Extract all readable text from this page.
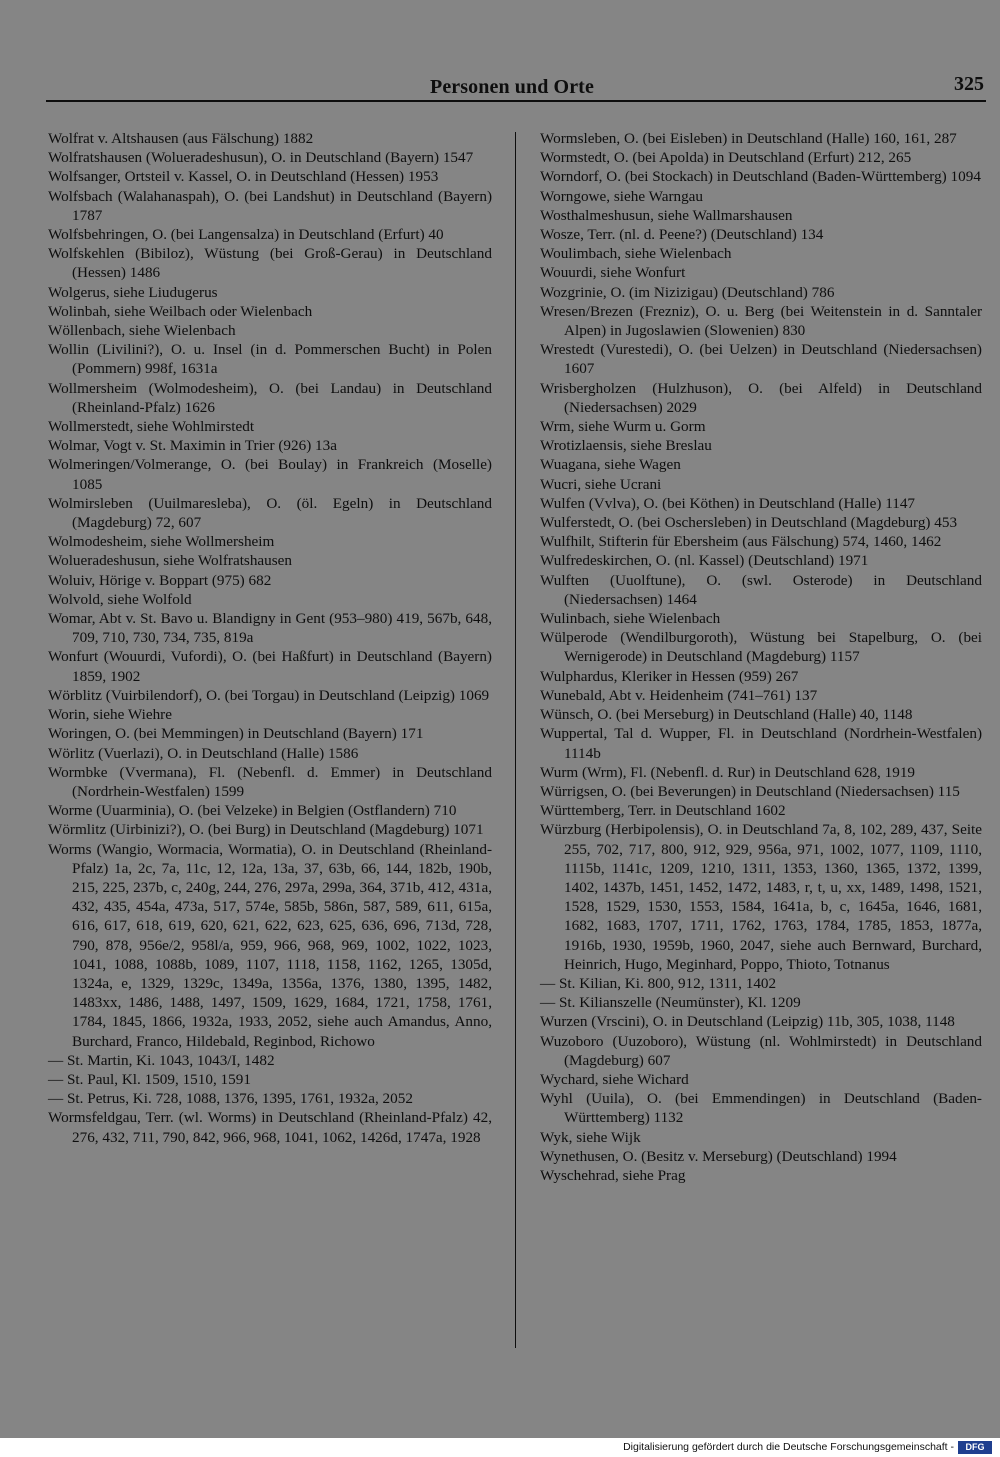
Personen und Orte	325

Wolfrat v. Altshausen (aus Fälschung) 1882

Wolfratshausen (Wolueradeshusun), O. in Deutschland (Bayern) 1547

Wolfsanger, Ortsteil v. Kassel, O. in Deutschland (Hessen) 1953

Wolfsbach (Walahanaspah), O. (bei Landshut) in Deutschland (Bayern) 1787

Wolfsbehringen, O. (bei Langensalza) in Deutschland (Erfurt) 40

Wolfskehlen (Bibiloz), Wüstung (bei Groß-Gerau) in Deutschland (Hessen) 1486

Wolgerus, siehe Liudugerus

Wolinbah, siehe Weilbach oder Wielenbach

Wöllenbach, siehe Wielenbach

Wollin (Livilini?), O. u. Insel (in d. Pommerschen Bucht) in Polen (Pommern) 998f, 1631a

Wollmersheim (Wolmodesheim), O. (bei Landau) in Deutschland (Rheinland-Pfalz) 1626

Wollmerstedt, siehe Wohlmirstedt

Wolmar, Vogt v. St. Maximin in Trier (926) 13a

Wolmeringen/Volmerange, O. (bei Boulay) in Frankreich (Moselle) 1085

Wolmirsleben (Uuilmaresleba), O. (öl. Egeln) in Deutschland (Magdeburg) 72, 607

Wolmodesheim, siehe Wollmersheim

Wolueradeshusun, siehe Wolfratshausen

Woluiv, Hörige v. Boppart (975) 682

Wolvold, siehe Wolfold

Womar, Abt v. St. Bavo u. Blandigny in Gent (953–980) 419, 567b, 648, 709, 710, 730, 734, 735, 819a

Wonfurt (Wouurdi, Vufordi), O. (bei Haßfurt) in Deutschland (Bayern) 1859, 1902

Wörblitz (Vuirbilendorf), O. (bei Torgau) in Deutschland (Leipzig) 1069

Worin, siehe Wiehre

Woringen, O. (bei Memmingen) in Deutschland (Bayern) 171

Wörlitz (Vuerlazi), O. in Deutschland (Halle) 1586

Wormbke (Vvermana), Fl. (Nebenfl. d. Emmer) in Deutschland (Nordrhein-Westfalen) 1599

Worme (Uuarminia), O. (bei Velzeke) in Belgien (Ostflandern) 710

Wörmlitz (Uirbinizi?), O. (bei Burg) in Deutschland (Magdeburg) 1071

Worms (Wangio, Wormacia, Wormatia), O. in Deutschland (Rheinland-Pfalz) 1a, 2c, 7a, 11c, 12, 12a, 13a, 37, 63b, 66, 144, 182b, 190b, 215, 225, 237b, c, 240g, 244, 276, 297a, 299a, 364, 371b, 412, 431a, 432, 435, 454a, 473a, 517, 574e, 585b, 586n, 587, 589, 611, 615a, 616, 617, 618, 619, 620, 621, 622, 623, 625, 636, 696, 713d, 728, 790, 878, 956e/2, 958l/a, 959, 966, 968, 969, 1002, 1022, 1023, 1041, 1088, 1088b, 1089, 1107, 1118, 1158, 1162, 1265, 1305d, 1324a, e, 1329, 1329c, 1349a, 1356a, 1376, 1380, 1395, 1482, 1483xx, 1486, 1488, 1497, 1509, 1629, 1684, 1721, 1758, 1761, 1784, 1845, 1866, 1932a, 1933, 2052, siehe auch Amandus, Anno, Burchard, Franco, Hildebald, Reginbod, Richowo

— St. Martin, Ki. 1043, 1043/I, 1482

— St. Paul, Kl. 1509, 1510, 1591

— St. Petrus, Ki. 728, 1088, 1376, 1395, 1761, 1932a, 2052

Wormsfeldgau, Terr. (wl. Worms) in Deutschland (Rheinland-Pfalz) 42, 276, 432, 711, 790, 842, 966, 968, 1041, 1062, 1426d, 1747a, 1928

Wormsleben, O. (bei Eisleben) in Deutschland (Halle) 160, 161, 287

Wormstedt, O. (bei Apolda) in Deutschland (Erfurt) 212, 265

Worndorf, O. (bei Stockach) in Deutschland (Baden-Württemberg) 1094

Worngowe, siehe Warngau

Wosthalmeshusun, siehe Wallmarshausen

Wosze, Terr. (nl. d. Peene?) (Deutschland) 134

Woulimbach, siehe Wielenbach

Wouurdi, siehe Wonfurt

Wozgrinie, O. (im Nizizigau) (Deutschland) 786

Wresen/Brezen (Frezniz), O. u. Berg (bei Weitenstein in d. Sanntaler Alpen) in Jugoslawien (Slowenien) 830

Wrestedt (Vurestedi), O. (bei Uelzen) in Deutschland (Niedersachsen) 1607

Wrisbergholzen (Hulzhuson), O. (bei Alfeld) in Deutschland (Niedersachsen) 2029

Wrm, siehe Wurm u. Gorm

Wrotizlaensis, siehe Breslau

Wuagana, siehe Wagen

Wucri, siehe Ucrani

Wulfen (Vvlva), O. (bei Köthen) in Deutschland (Halle) 1147

Wulferstedt, O. (bei Oschersleben) in Deutschland (Magdeburg) 453

Wulfhilt, Stifterin für Ebersheim (aus Fälschung) 574, 1460, 1462

Wulfredeskirchen, O. (nl. Kassel) (Deutschland) 1971

Wulften (Uuolftune), O. (swl. Osterode) in Deutschland (Niedersachsen) 1464

Wulinbach, siehe Wielenbach

Wülperode (Wendilburgoroth), Wüstung bei Stapelburg, O. (bei Wernigerode) in Deutschland (Magdeburg) 1157

Wulphardus, Kleriker in Hessen (959) 267

Wunebald, Abt v. Heidenheim (741–761) 137

Wünsch, O. (bei Merseburg) in Deutschland (Halle) 40, 1148

Wuppertal, Tal d. Wupper, Fl. in Deutschland (Nordrhein-Westfalen) 1114b

Wurm (Wrm), Fl. (Nebenfl. d. Rur) in Deutschland 628, 1919

Würrigsen, O. (bei Beverungen) in Deutschland (Niedersachsen) 115

Württemberg, Terr. in Deutschland 1602

Würzburg (Herbipolensis), O. in Deutschland 7a, 8, 102, 289, 437, Seite 255, 702, 717, 800, 912, 929, 956a, 971, 1002, 1077, 1109, 1110, 1115b, 1141c, 1209, 1210, 1311, 1353, 1360, 1365, 1372, 1399, 1402, 1437b, 1451, 1452, 1472, 1483, r, t, u, xx, 1489, 1498, 1521, 1528, 1529, 1530, 1553, 1584, 1641a, b, c, 1645a, 1646, 1681, 1682, 1683, 1707, 1711, 1762, 1763, 1784, 1785, 1853, 1877a, 1916b, 1930, 1959b, 1960, 2047, siehe auch Bernward, Burchard, Heinrich, Hugo, Meginhard, Poppo, Thioto, Totnanus

— St. Kilian, Ki. 800, 912, 1311, 1402

— St. Kilianszelle (Neumünster), Kl. 1209

Wurzen (Vrscini), O. in Deutschland (Leipzig) 11b, 305, 1038, 1148

Wuzoboro (Uuzoboro), Wüstung (nl. Wohlmirstedt) in Deutschland (Magdeburg) 607

Wychard, siehe Wichard

Wyhl (Uuila), O. (bei Emmendingen) in Deutschland (Baden-Württemberg) 1132

Wyk, siehe Wijk

Wynethusen, O. (Besitz v. Merseburg) (Deutschland) 1994

Wyschehrad, siehe Prag

Digitalisierung gefördert durch die Deutsche Forschungsgemeinschaft -	DFG
